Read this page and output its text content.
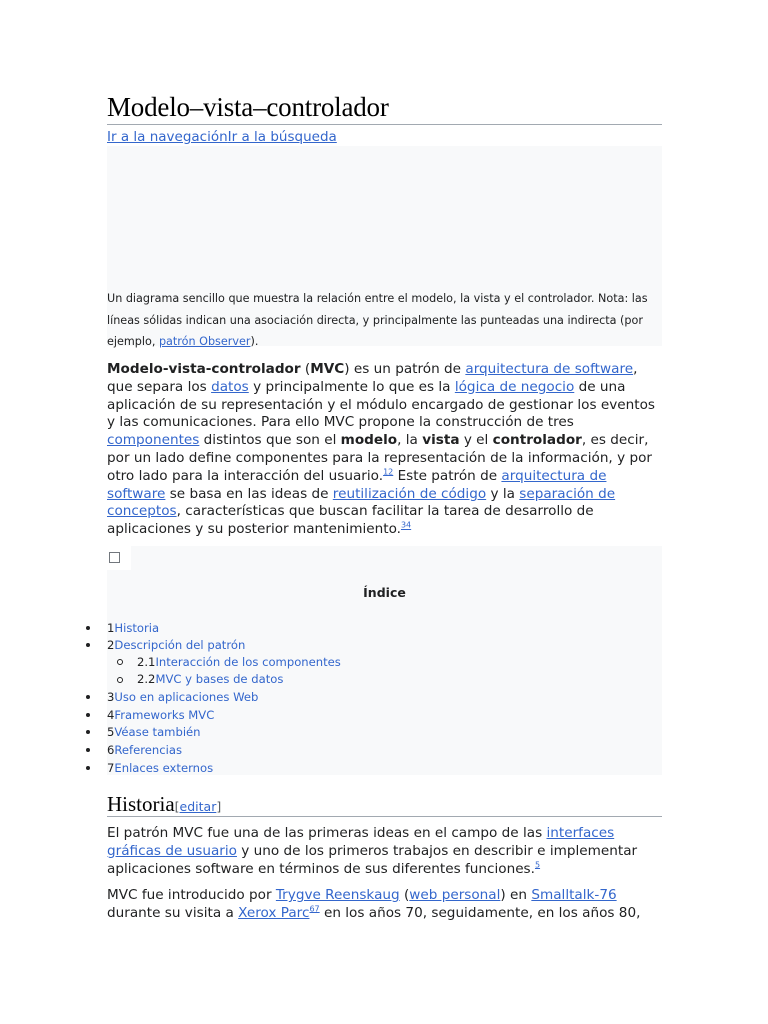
Modelo–vista–controlador
Ir a la navegaciónIr a la búsqueda
Un diagrama sencillo que muestra la relación entre el modelo, la vista y el controlador. Nota: las líneas sólidas indican una asociación directa, y principalmente las punteadas una indirecta (por ejemplo, patrón Observer).
Modelo-vista-controlador (MVC) es un patrón de arquitectura de software, que separa los datos y principalmente lo que es la lógica de negocio de una aplicación de su representación y el módulo encargado de gestionar los eventos y las comunicaciones. Para ello MVC propone la construcción de tres componentes distintos que son el modelo, la vista y el controlador, es decir, por un lado define componentes para la representación de la información, y por otro lado para la interacción del usuario.$^{12}$ Este patrón de arquitectura de software se basa en las ideas de reutilización de código y la separación de conceptos, características que buscan facilitar la tarea de desarrollo de aplicaciones y su posterior mantenimiento.$^{34}$
Índice
1Historia
2Descripción del patrón
2.1Interacción de los componentes
2.2MVC y bases de datos
3Uso en aplicaciones Web
4Frameworks MVC
5Véase también
6Referencias
7Enlaces externos
Historia[editar]
El patrón MVC fue una de las primeras ideas en el campo de las interfaces gráficas de usuario y uno de los primeros trabajos en describir e implementar aplicaciones software en términos de sus diferentes funciones.$^5$
MVC fue introducido por Trygve Reenskaug (web personal) en Smalltalk-76 durante su visita a Xerox Parc$^{67}$ en los años 70, seguidamente, en los años 80,
